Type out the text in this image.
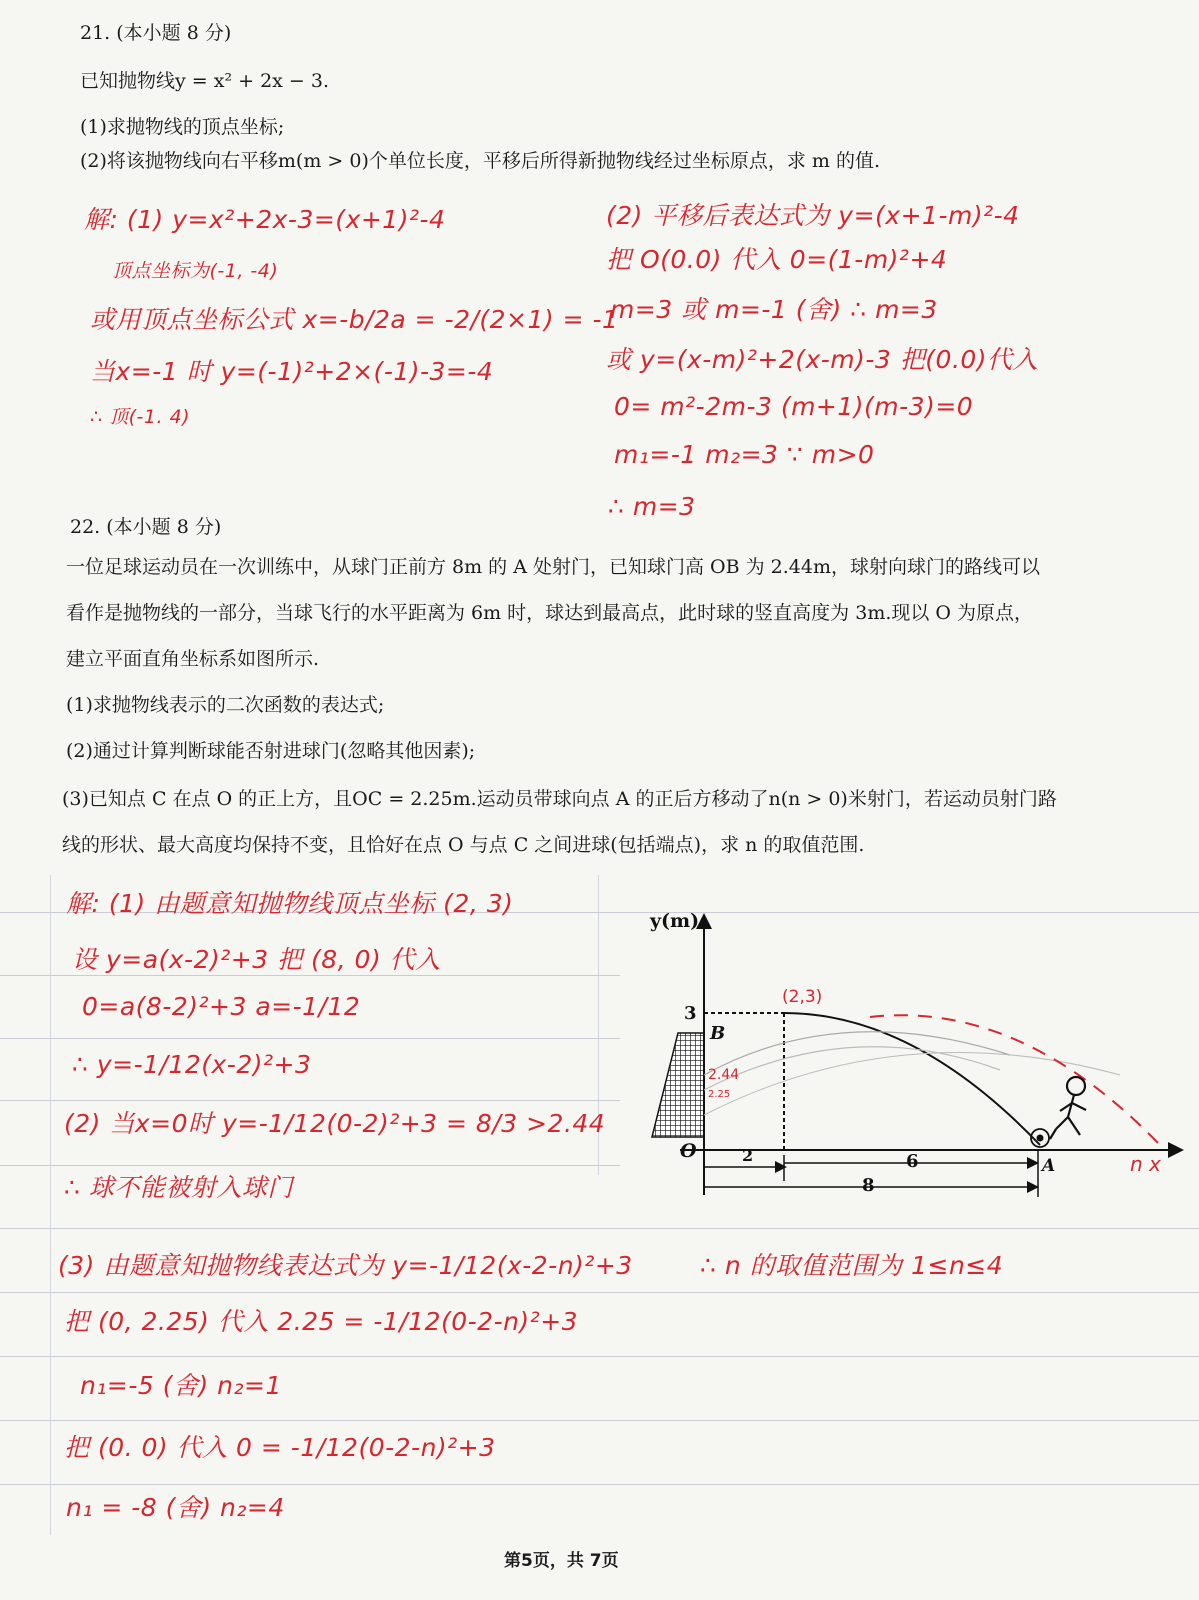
21. (本小题 8 分)
已知抛物线y = x² + 2x − 3.
(1)求抛物线的顶点坐标;
(2)将该抛物线向右平移m(m > 0)个单位长度，平移后所得新抛物线经过坐标原点，求 m 的值.
解: (1) y=x²+2x-3=(x+1)²-4
顶点坐标为(-1, -4)
或用顶点坐标公式 x=-b/2a = -2/(2×1) = -1
当x=-1 时 y=(-1)²+2×(-1)-3=-4
∴ 顶(-1. 4)
(2) 平移后表达式为 y=(x+1-m)²-4
把 O(0.0) 代入 0=(1-m)²+4
m=3 或 m=-1 (舍) ∴ m=3
或 y=(x-m)²+2(x-m)-3 把(0.0)代入
0= m²-2m-3 (m+1)(m-3)=0
m₁=-1 m₂=3 ∵ m>0
∴ m=3
22. (本小题 8 分)
一位足球运动员在一次训练中，从球门正前方 8m 的 A 处射门，已知球门高 OB 为 2.44m，球射向球门的路线可以
看作是抛物线的一部分，当球飞行的水平距离为 6m 时，球达到最高点，此时球的竖直高度为 3m.现以 O 为原点，
建立平面直角坐标系如图所示.
(1)求抛物线表示的二次函数的表达式;
(2)通过计算判断球能否射进球门(忽略其他因素);
(3)已知点 C 在点 O 的正上方，且OC = 2.25m.运动员带球向点 A 的正后方移动了n(n > 0)米射门，若运动员射门路
线的形状、最大高度均保持不变，且恰好在点 O 与点 C 之间进球(包括端点)，求 n 的取值范围.
解: (1) 由题意知抛物线顶点坐标 (2, 3)
设 y=a(x-2)²+3 把 (8, 0) 代入
0=a(8-2)²+3 a=-1/12
∴ y=-1/12(x-2)²+3
(2) 当x=0时 y=-1/12(0-2)²+3 = 8/3 >2.44
∴ 球不能被射入球门
(3) 由题意知抛物线表达式为 y=-1/12(x-2-n)²+3
把 (0, 2.25) 代入 2.25 = -1/12(0-2-n)²+3
n₁=-5 (舍) n₂=1
把 (0. 0) 代入 0 = -1/12(0-2-n)²+3
n₁ = -8 (舍) n₂=4
∴ n 的取值范围为 1≤n≤4
y(m)
3
(2,3)
B
O
A
2.44
2.25
2	6
8
n x
第5页，共 7页
